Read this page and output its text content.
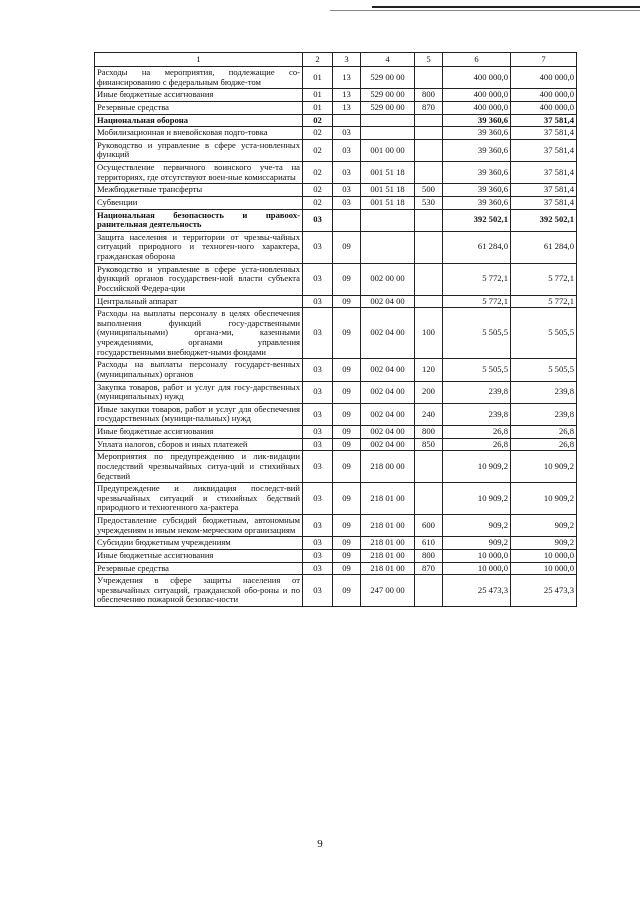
1	2	3	4	5	6	7
Расходы на мероприятия, подлежащие со-финансированию с федеральным бюдже-том	01	13	529 00 00		400 000,0	400 000,0
Иные бюджетные ассигнования	01	13	529 00 00	800	400 000,0	400 000,0
Резервные средства	01	13	529 00 00	870	400 000,0	400 000,0
Национальная оборона	02				39 360,6	37 581,4
Мобилизационная и вневойсковая подго-товка	02	03			39 360,6	37 581,4
Руководство и управление в сфере уста-новленных функций	02	03	001 00 00		39 360,6	37 581,4
Осуществление первичного воинского уче-та на территориях, где отсутствуют воен-ные комиссариаты	02	03	001 51 18		39 360,6	37 581,4
Межбюджетные трансферты	02	03	001 51 18	500	39 360,6	37 581,4
Субвенции	02	03	001 51 18	530	39 360,6	37 581,4
Национальная безопасность и правоох-ранительная деятельность	03				392 502,1	392 502,1
Защита населения и территории от чрезвы-чайных ситуаций природного и техноген-ного характера, гражданская оборона	03	09			61 284,0	61 284,0
Руководство и управление в сфере уста-новленных функций органов государствен-ной власти субъекта Российской Федера-ции	03	09	002 00 00		5 772,1	5 772,1
Центральный аппарат	03	09	002 04 00		5 772,1	5 772,1
Расходы на выплаты персоналу в целях обеспечения выполнения функций госу-дарственными (муниципальными) органа-ми, казенными учреждениями, органами управления государственными внебюджет-ными фондами	03	09	002 04 00	100	5 505,5	5 505,5
Расходы на выплаты персоналу государст-венных (муниципальных) органов	03	09	002 04 00	120	5 505,5	5 505,5
Закупка товаров, работ и услуг для госу-дарственных (муниципальных) нужд	03	09	002 04 00	200	239,8	239,8
Иные закупки товаров, работ и услуг для обеспечения государственных (муници-пальных) нужд	03	09	002 04 00	240	239,8	239,8
Иные бюджетные ассигнования	03	09	002 04 00	800	26,8	26,8
Уплата налогов, сборов и иных платежей	03	09	002 04 00	850	26,8	26,8
Мероприятия по предупреждению и лик-видации последствий чрезвычайных ситуа-ций и стихийных бедствий	03	09	218 00 00		10 909,2	10 909,2
Предупреждение и ликвидация последст-вий чрезвычайных ситуаций и стихийных бедствий природного и техногенного ха-рактера	03	09	218 01 00		10 909,2	10 909,2
Предоставление субсидий бюджетным, автономным учреждениям и иным неком-мерческим организациям	03	09	218 01 00	600	909,2	909,2
Субсидии бюджетным учреждениям	03	09	218 01 00	610	909,2	909,2
Иные бюджетные ассигнования	03	09	218 01 00	800	10 000,0	10 000,0
Резервные средства	03	09	218 01 00	870	10 000,0	10 000,0
Учреждения в сфере защиты населения от чрезвычайных ситуаций, гражданской обо-роны и по обеспечению пожарной безопас-ности	03	09	247 00 00		25 473,3	25 473,3
9
